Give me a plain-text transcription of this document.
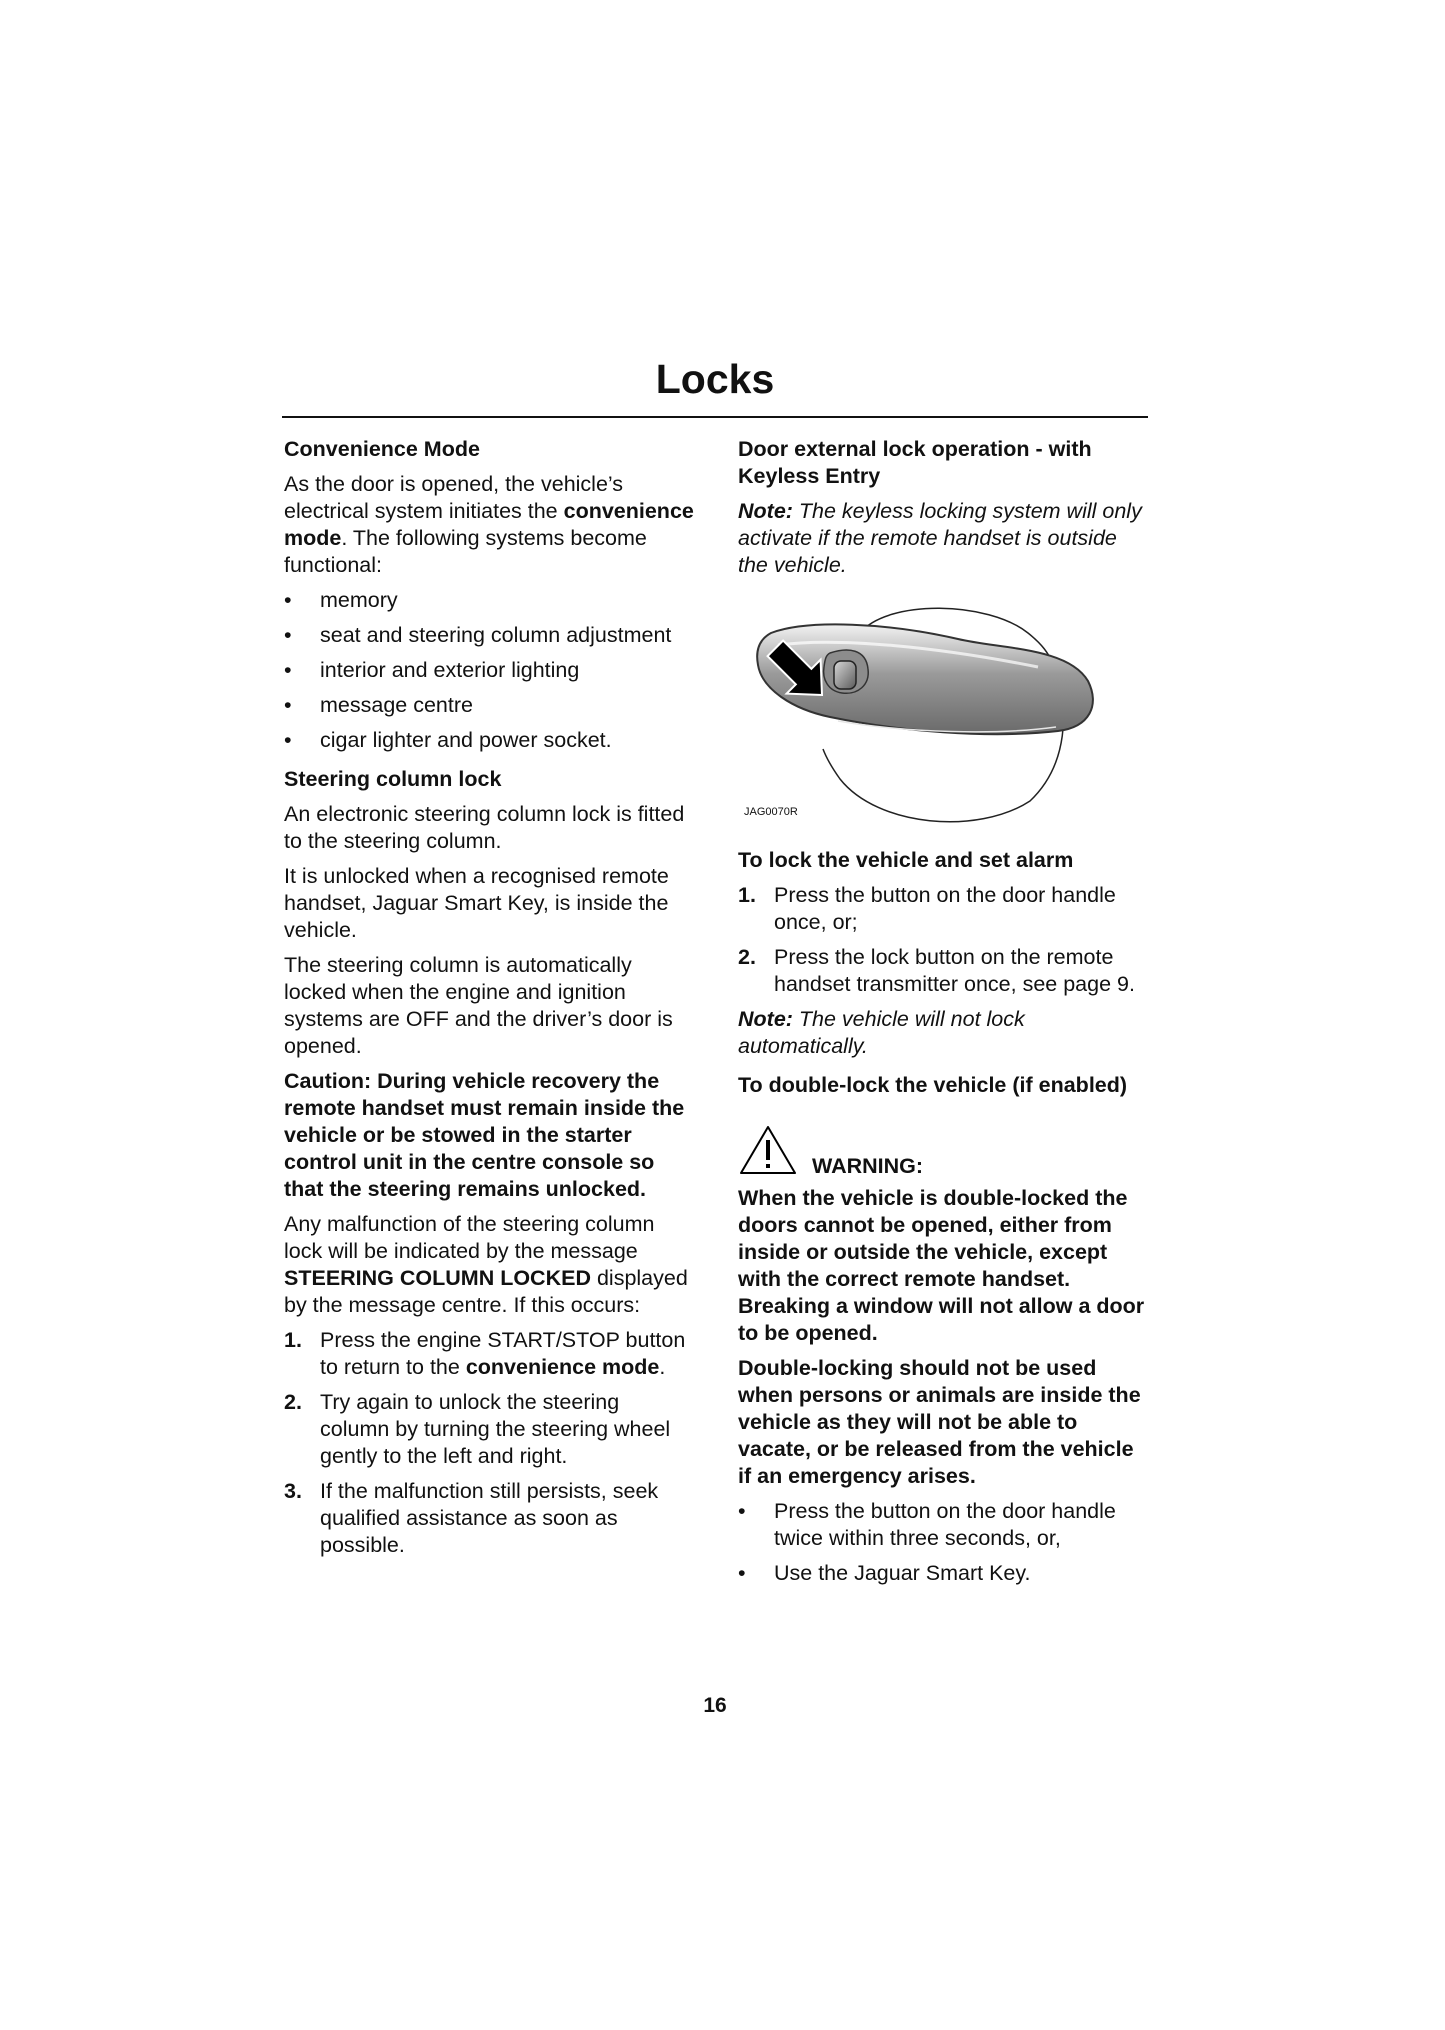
Locks

Convenience Mode

As the door is opened, the vehicle’s electrical system initiates the convenience mode. The following systems become functional:

• memory
• seat and steering column adjustment
• interior and exterior lighting
• message centre
• cigar lighter and power socket.

Steering column lock

An electronic steering column lock is fitted to the steering column.

It is unlocked when a recognised remote handset, Jaguar Smart Key, is inside the vehicle.

The steering column is automatically locked when the engine and ignition systems are OFF and the driver’s door is opened.

Caution: During vehicle recovery the remote handset must remain inside the vehicle or be stowed in the starter control unit in the centre console so that the steering remains unlocked.

Any malfunction of the steering column lock will be indicated by the message STEERING COLUMN LOCKED displayed by the message centre. If this occurs:

1. Press the engine START/STOP button to return to the convenience mode.
2. Try again to unlock the steering column by turning the steering wheel gently to the left and right.
3. If the malfunction still persists, seek qualified assistance as soon as possible.

Door external lock operation - with Keyless Entry

Note: The keyless locking system will only activate if the remote handset is outside the vehicle.

JAG0070R

To lock the vehicle and set alarm

1. Press the button on the door handle once, or;
2. Press the lock button on the remote handset transmitter once, see page 9.

Note: The vehicle will not lock automatically.

To double-lock the vehicle (if enabled)

WARNING:

When the vehicle is double-locked the doors cannot be opened, either from inside or outside the vehicle, except with the correct remote handset. Breaking a window will not allow a door to be opened.

Double-locking should not be used when persons or animals are inside the vehicle as they will not be able to vacate, or be released from the vehicle if an emergency arises.

• Press the button on the door handle twice within three seconds, or,
• Use the Jaguar Smart Key.
16
